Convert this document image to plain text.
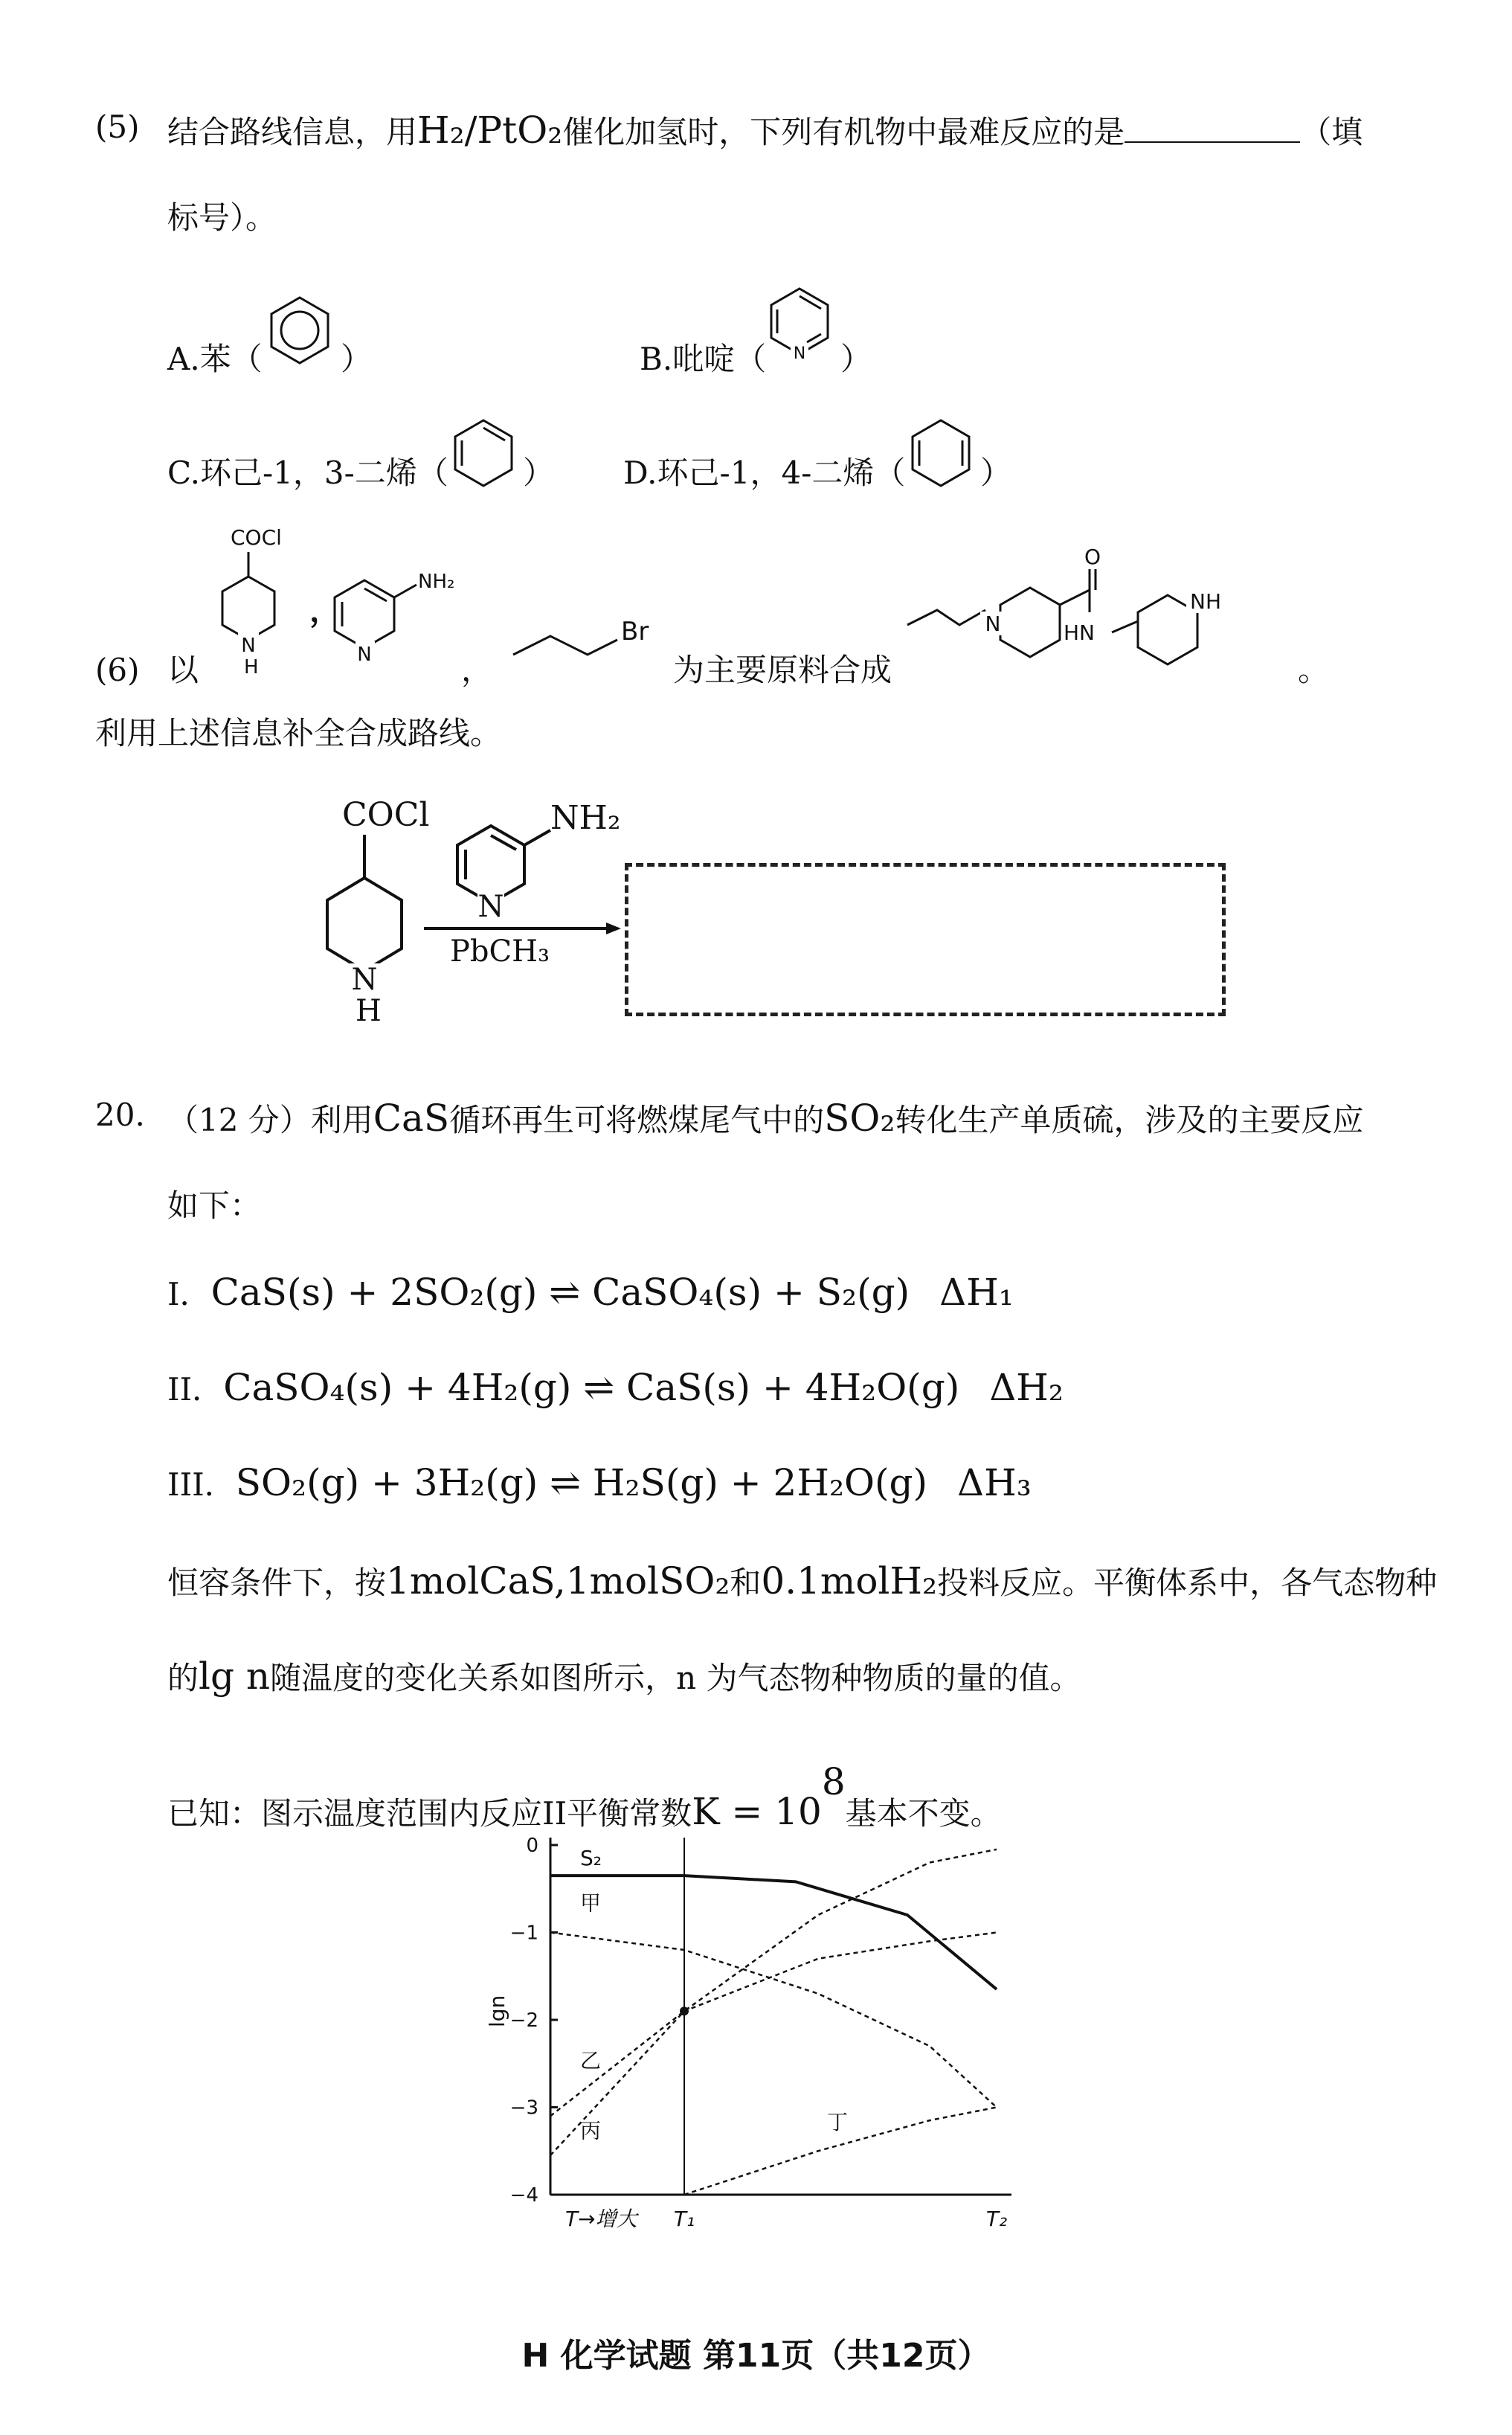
(5) 结合路线信息，用H₂/PtO₂催化加氢时，下列有机物中最难反应的是	（填
标号）。
A.苯（	）	B.吡啶（ N ）
C.环己-1，3-二烯（ ） D.环己-1，4-二烯（ ）
(6) 以
COCl
N
H
，
NH₂
N	，
Br
为主要原料合成
N
O
HN
NH
。
利用上述信息补全合成路线。
COCl
N
H
NH₂
N
PbCH₃
20. （12 分）利用CaS循环再生可将燃煤尾气中的SO₂转化生产单质硫，涉及的主要反应
如下：
I．CaS(s) + 2SO₂(g) ⇌ CaSO₄(s) + S₂(g) ΔH₁
II．CaSO₄(s) + 4H₂(g) ⇌ CaS(s) + 4H₂O(g) ΔH₂
III．SO₂(g) + 3H₂(g) ⇌ H₂S(g) + 2H₂O(g) ΔH₃
恒容条件下，按1molCaS,1molSO₂和0.1molH₂投料反应。平衡体系中，各气态物种
的lg n随温度的变化关系如图所示，n 为气态物种物质的量的值。
已知：图示温度范围内反应II平衡常数$K = 10^8$基本不变。
0
−1
−2
−3
−4
T₁	T₂
T→增大
lgn
S₂
甲
乙
丙	丁
H 化学试题 第11页（共12页）
